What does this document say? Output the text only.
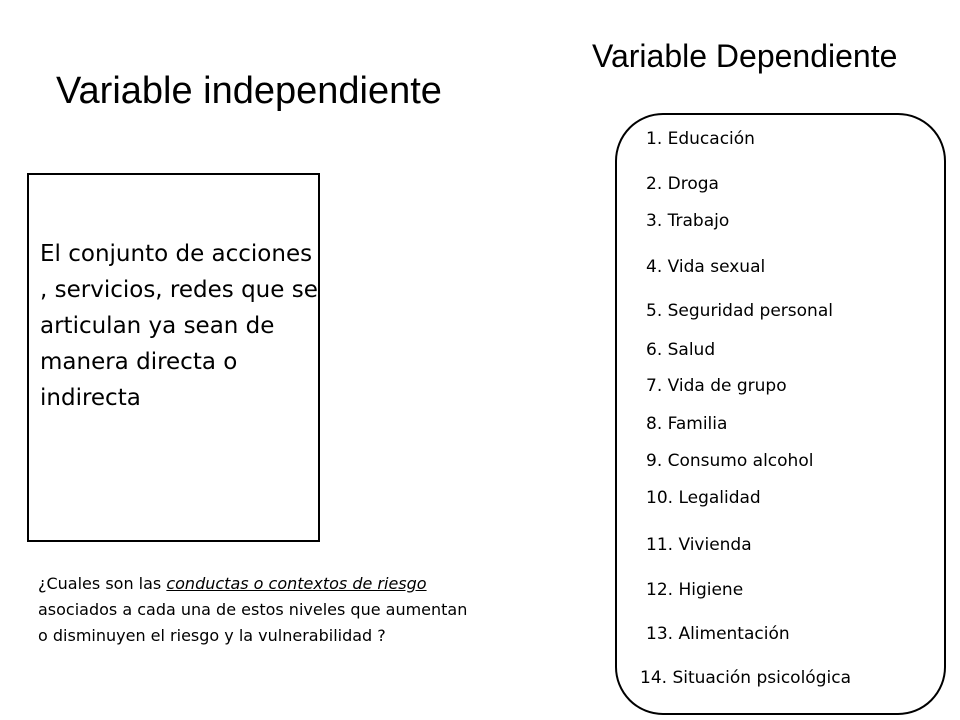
Variable Dependiente
Variable independiente
El conjunto de acciones , servicios, redes que se articulan ya sean de manera directa o indirecta
¿Cuales son las conductas o contextos de riesgo asociados a cada una de estos niveles que aumentan o disminuyen el riesgo y la vulnerabilidad ?
1. Educación
2. Droga
3. Trabajo
4. Vida sexual
5. Seguridad personal
6. Salud
7. Vida de grupo
8. Familia
9. Consumo alcohol
10. Legalidad
11. Vivienda
12. Higiene
13. Alimentación
14. Situación psicológica
